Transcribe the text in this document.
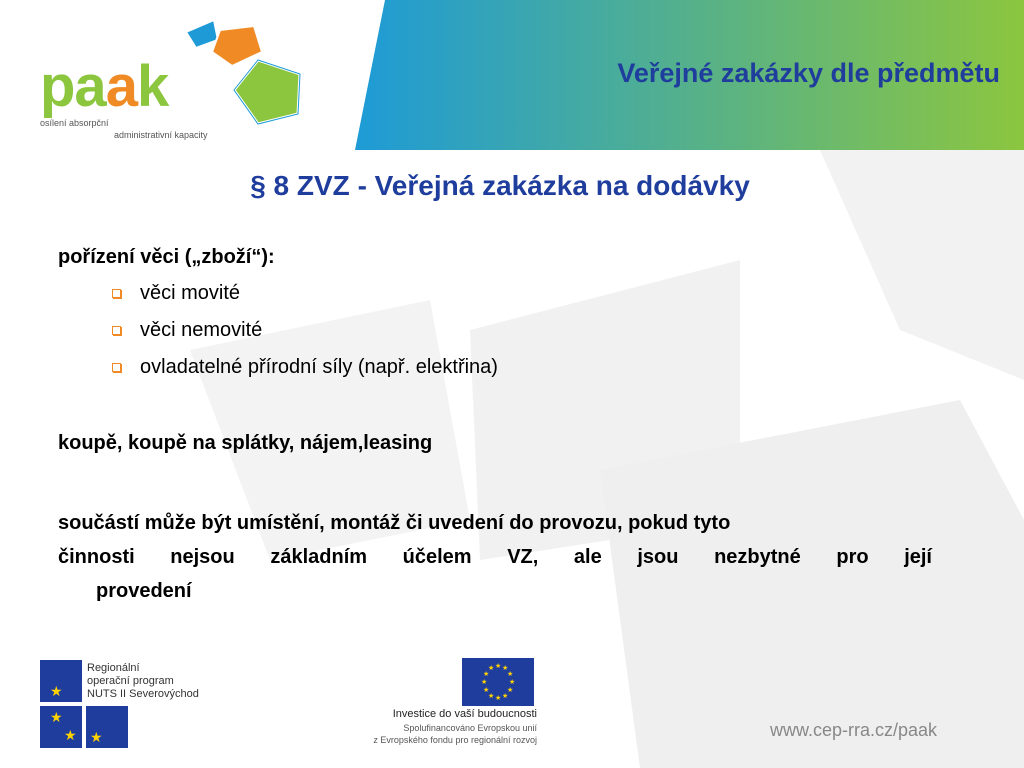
Veřejné zakázky dle předmětu
paak
osílení absorpční
administrativní kapacity
§ 8 ZVZ - Veřejná zakázka na dodávky

pořízení věci („zboží“):

věci movité
věci nemovité
ovladatelné přírodní síly (např. elektřina)
koupě, koupě na splátky, nájem,leasing
součástí může být umístění, montáž či uvedení do provozu, pokud tyto
činnosti nejsou základním účelem VZ, ale jsou nezbytné pro její
provedení
★
★
★ ★
Regionální
operační program
NUTS II Severovýchod
★ ★
★
★
★
★
★
★
★
★
★
★
Investice do vaší budoucnosti
Spolufinancováno Evropskou unií
z Evropského fondu pro regionální rozvoj	www.cep-rra.cz/paak
